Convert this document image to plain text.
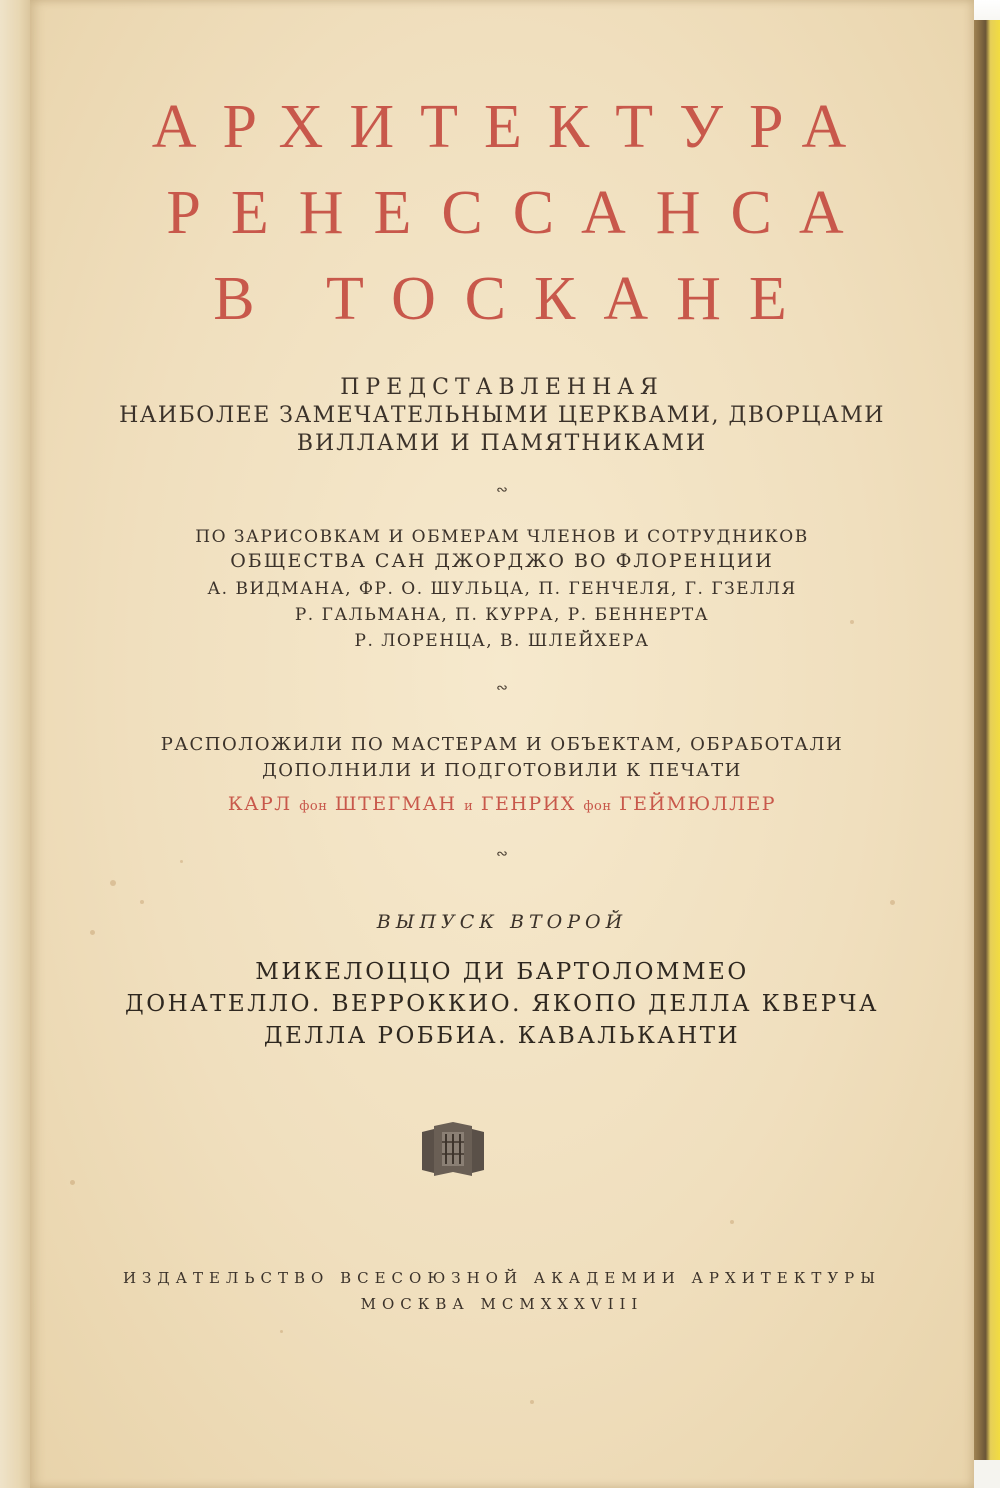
АРХИТЕКТУРА
РЕНЕССАНСА
В ТОСКАНЕ
ПРЕДСТАВЛЕННАЯ
НАИБОЛЕЕ ЗАМЕЧАТЕЛЬНЫМИ ЦЕРКВАМИ, ДВОРЦАМИ
ВИЛЛАМИ И ПАМЯТНИКАМИ
∾
ПО ЗАРИСОВКАМ И ОБМЕРАМ ЧЛЕНОВ И СОТРУДНИКОВ
ОБЩЕСТВА САН ДЖОРДЖО ВО ФЛОРЕНЦИИ
А. ВИДМАНА, ФР. О. ШУЛЬЦА, П. ГЕНЧЕЛЯ, Г. ГЗЕЛЛЯ
Р. ГАЛЬМАНА, П. КУРРА, Р. БЕННЕРТА
Р. ЛОРЕНЦА, В. ШЛЕЙХЕРА
∾
РАСПОЛОЖИЛИ ПО МАСТЕРАМ И ОБЪЕКТАМ, ОБРАБОТАЛИ
ДОПОЛНИЛИ И ПОДГОТОВИЛИ К ПЕЧАТИ
КАРЛ фон ШТЕГМАН и ГЕНРИХ фон ГЕЙМЮЛЛЕР
∾
ВЫПУСК ВТОРОЙ
МИКЕЛОЦЦО ДИ БАРТОЛОММЕО
ДОНАТЕЛЛО. ВЕРРОККИО. ЯКОПО ДЕЛЛА КВЕРЧА
ДЕЛЛА РОББИА. КАВАЛЬКАНТИ
ИЗДАТЕЛЬСТВО ВСЕСОЮЗНОЙ АКАДЕМИИ АРХИТЕКТУРЫ
МОСКВА MCMXXXVIII
